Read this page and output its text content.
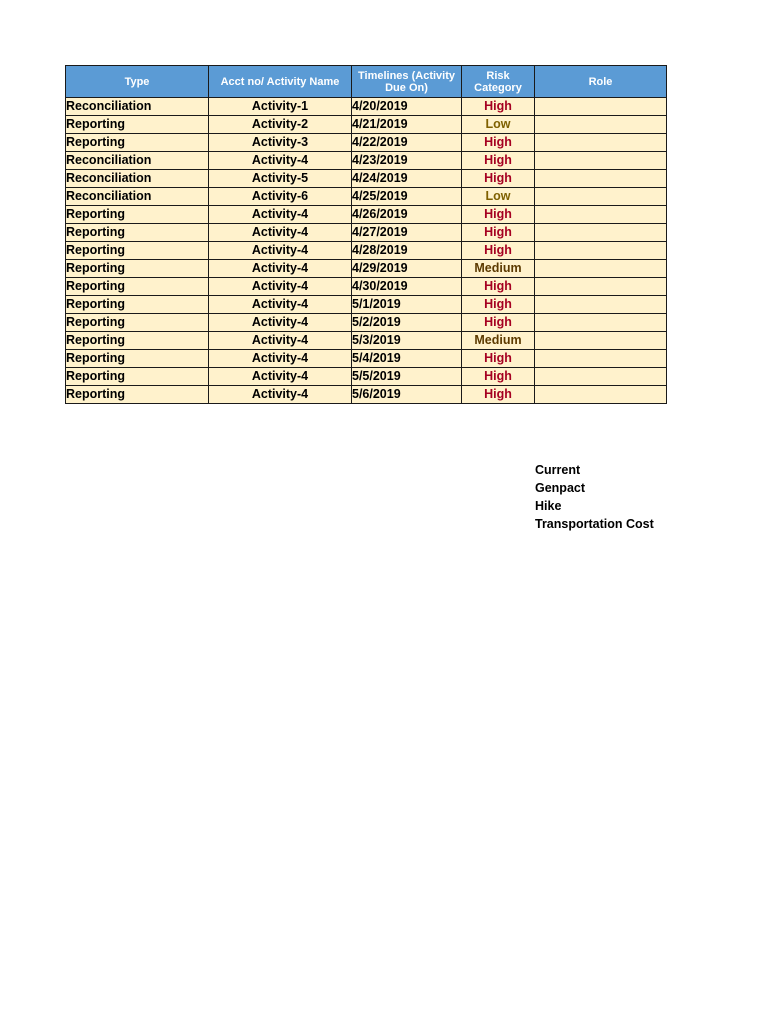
Type	Acct no/ Activity Name	Timelines (Activity Due On)	Risk Category	Role
Reconciliation	Activity-1	4/20/2019	High	
Reporting	Activity-2	4/21/2019	Low	
Reporting	Activity-3	4/22/2019	High	
Reconciliation	Activity-4	4/23/2019	High	
Reconciliation	Activity-5	4/24/2019	High	
Reconciliation	Activity-6	4/25/2019	Low	
Reporting	Activity-4	4/26/2019	High	
Reporting	Activity-4	4/27/2019	High	
Reporting	Activity-4	4/28/2019	High	
Reporting	Activity-4	4/29/2019	Medium	
Reporting	Activity-4	4/30/2019	High	
Reporting	Activity-4	5/1/2019	High	
Reporting	Activity-4	5/2/2019	High	
Reporting	Activity-4	5/3/2019	Medium	
Reporting	Activity-4	5/4/2019	High	
Reporting	Activity-4	5/5/2019	High	
Reporting	Activity-4	5/6/2019	High	
Current
Genpact
Hike
Transportation Cost
